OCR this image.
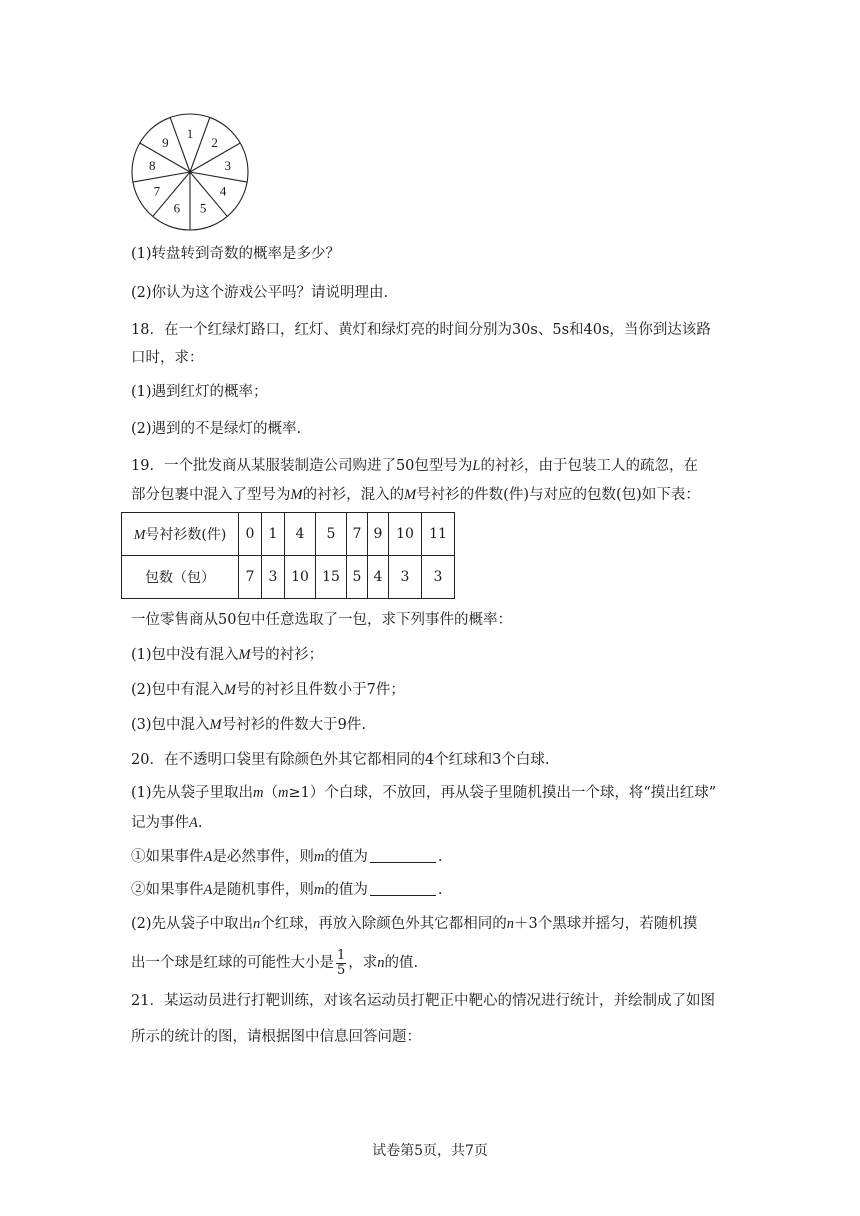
1
2
3
4
5
6
7
8
9
(1)转盘转到奇数的概率是多少？
(2)你认为这个游戏公平吗？请说明理由.
18．在一个红绿灯路口，红灯、黄灯和绿灯亮的时间分别为30s、5s和40s，当你到达该路
口时，求：
(1)遇到红灯的概率；
(2)遇到的不是绿灯的概率.
19．一个批发商从某服装制造公司购进了50包型号为L的衬衫，由于包装工人的疏忽，在
部分包裹中混入了型号为M的衬衫，混入的M号衬衫的件数(件)与对应的包数(包)如下表：
M号衬衫数(件)	0	1	4	5	7	9	10	11
包数（包）	7	3	10	15	5	4	3	3
一位零售商从50包中任意选取了一包，求下列事件的概率：
(1)包中没有混入M号的衬衫；
(2)包中有混入M号的衬衫且件数小于7件；
(3)包中混入M号衬衫的件数大于9件.
20．在不透明口袋里有除颜色外其它都相同的4个红球和3个白球.
(1)先从袋子里取出m（m≥1）个白球，不放回，再从袋子里随机摸出一个球，将“摸出红球”
记为事件A.
①如果事件A是必然事件，则m的值为	.
②如果事件A是随机事件，则m的值为	.
(2)先从袋子中取出n个红球，再放入除颜色外其它都相同的n＋3个黑球并摇匀，若随机摸
出一个球是红球的可能性大小是 $\frac{1}{5}$ ，求n的值.
21．某运动员进行打靶训练，对该名运动员打靶正中靶心的情况进行统计，并绘制成了如图
所示的统计的图，请根据图中信息回答问题：
试卷第5页，共7页
